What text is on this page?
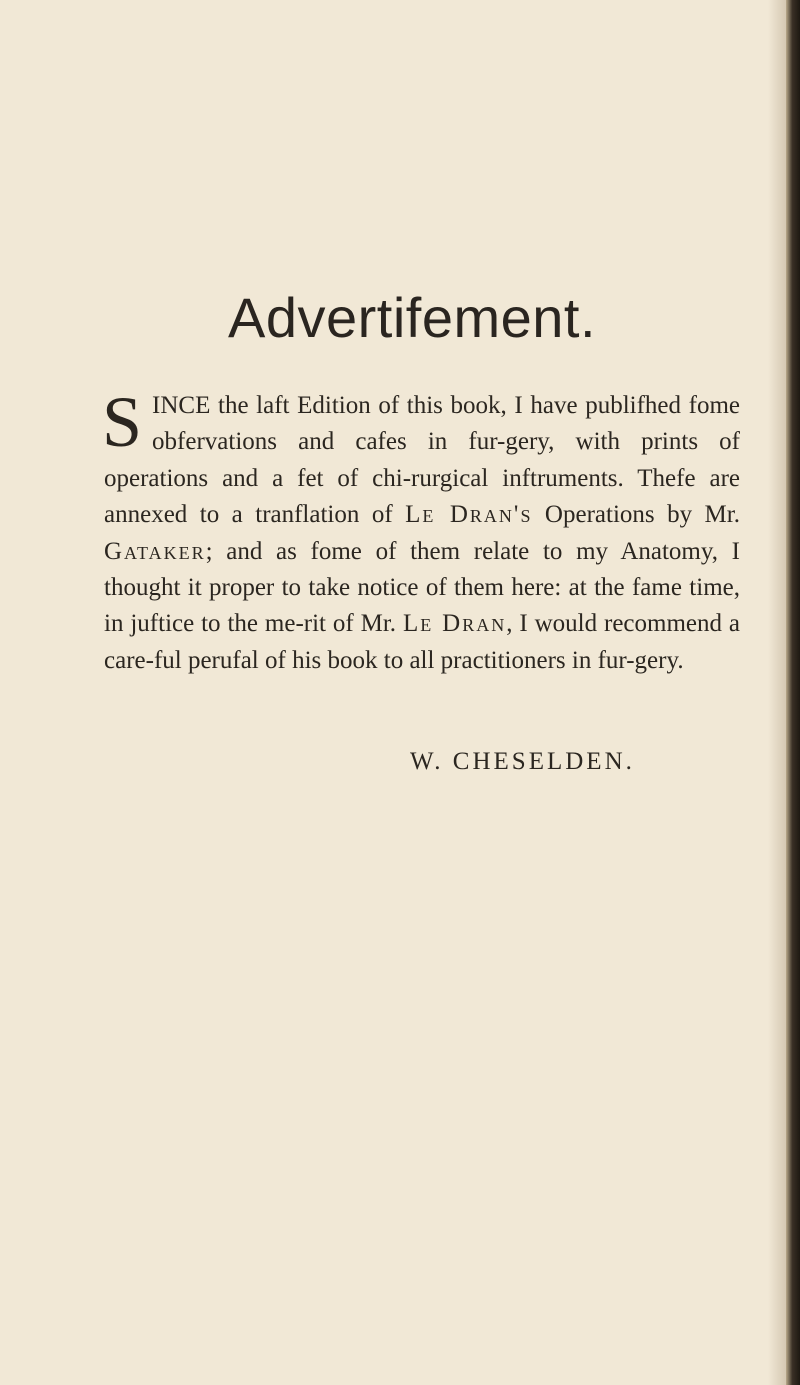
Advertifement.

SINCE the laft Edition of this book, I have publifhed fome obfervations and cafes in fur-gery, with prints of operations and a fet of chi-rurgical inftruments. Thefe are annexed to a tranflation of Le Dran's Operations by Mr. Gataker; and as fome of them relate to my Anatomy, I thought it proper to take notice of them here: at the fame time, in juftice to the me-rit of Mr. Le Dran, I would recommend a care-ful perufal of his book to all practitioners in fur-gery.

W. CHESELDEN.
